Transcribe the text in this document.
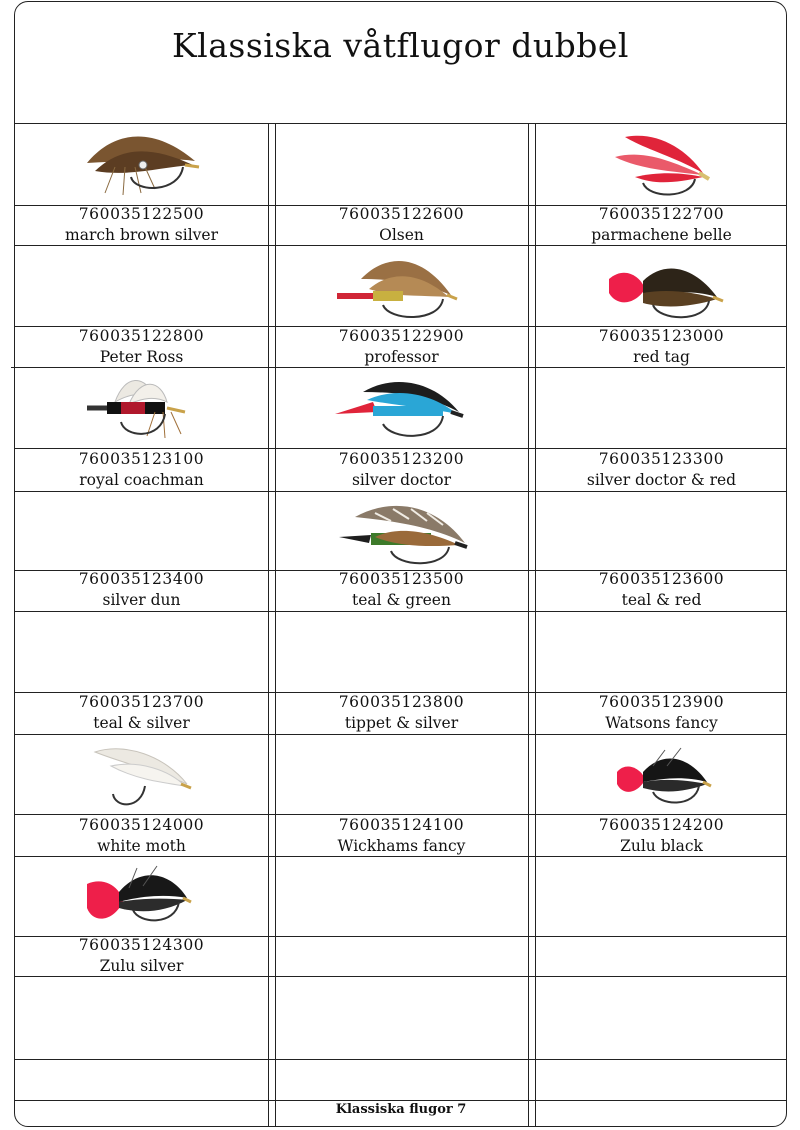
Klassiska våtflugor dubbel
760035122500
march brown silver
760035122600
Olsen
760035122700
parmachene belle
760035122800
Peter Ross
760035122900
professor
760035123000
red tag
760035123100
royal coachman
760035123200
silver doctor
760035123300
silver doctor & red
760035123400
silver dun
760035123500
teal & green
760035123600
teal & red
760035123700
teal & silver
760035123800
tippet & silver
760035123900
Watsons fancy
760035124000
white moth
760035124100
Wickhams fancy
760035124200
Zulu black
760035124300
Zulu silver
Klassiska flugor 7
